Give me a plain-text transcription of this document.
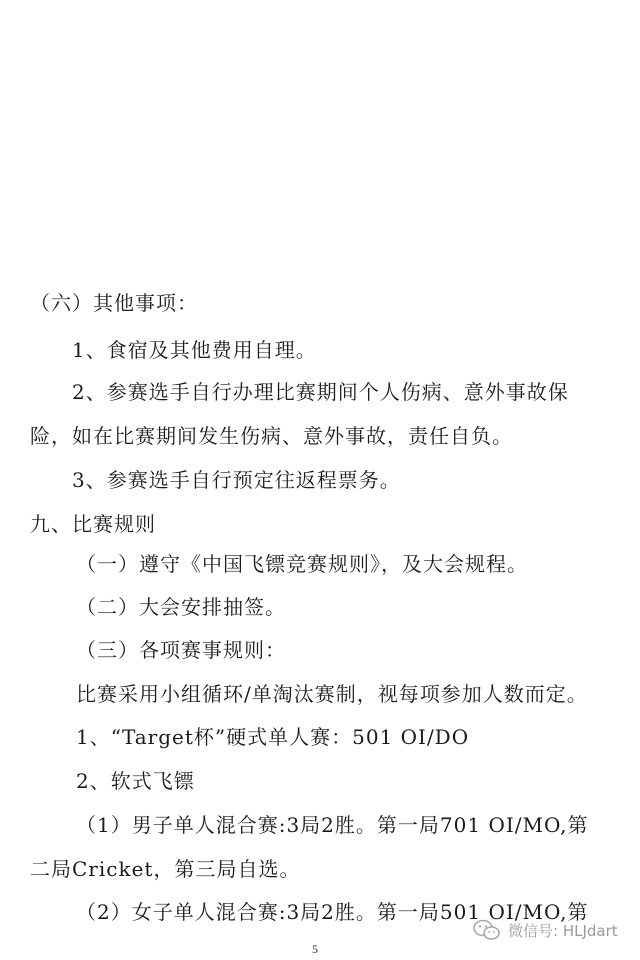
（六）其他事项：
1、食宿及其他费用自理。
2、参赛选手自行办理比赛期间个人伤病、意外事故保
险，如在比赛期间发生伤病、意外事故，责任自负。
3、参赛选手自行预定往返程票务。
九、比赛规则
（一）遵守《中国飞镖竞赛规则》，及大会规程。
（二）大会安排抽签。
（三）各项赛事规则：
比赛采用小组循环/单淘汰赛制，视每项参加人数而定。
1、“Target杯”硬式单人赛：501 OI/DO
2、软式飞镖
（1）男子单人混合赛:3局2胜。第一局701 OI/MO,第
二局Cricket，第三局自选。
（2）女子单人混合赛:3局2胜。第一局501 OI/MO,第
5
微信号: HLJdart
